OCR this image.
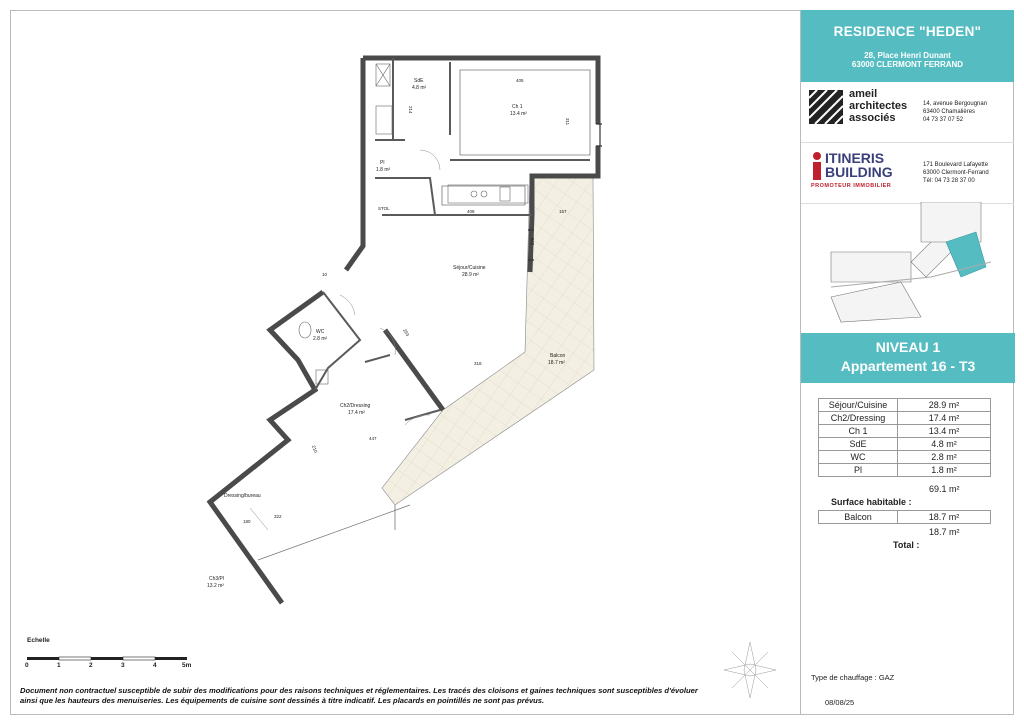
SdE
4.8 m²
Ch 1
13.4 m²
Pl
1.8 m²
Séjour/Cuisine
28.9 m²
WC
2.8 m²
Ch2/Dressing
17.4 m²
Balcon
18.7 m²
Dressing/bureau
Ch3/Pl
13.2 m²
405
214
311
408	157
10
318
447
180
322
293
278
210
STOL
Echelle
0	1	2	3	4	5m
Document non contractuel susceptible de subir des modifications pour des raisons techniques et réglementaires. Les tracés des cloisons et gaines techniques sont susceptibles d'évoluer
ainsi que les hauteurs des menuiseries. Les équipements de cuisine sont dessinés à titre indicatif. Les placards en pointillés ne sont pas prévus.
RESIDENCE "HEDEN"
28, Place Henri Dunant
63000 CLERMONT FERRAND
ameil
architectes
associés
14, avenue Bergougnan
63400 Chamalières
04 73 37 07 52
ITINERIS
BUILDING
PROMOTEUR IMMOBILIER
171 Boulevard Lafayette
63000 Clermont-Ferrand
Tél: 04 73 28 37 00
NIVEAU 1
Appartement 16 - T3
Séjour/Cuisine	28.9 m²
Ch2/Dressing	17.4 m²
Ch 1	13.4 m²
SdE	4.8 m²
WC	2.8 m²
Pl	1.8 m²
69.1 m²
Surface habitable :
Balcon	18.7 m²
18.7 m²
Total :
Type de chauffage : GAZ
08/08/25
